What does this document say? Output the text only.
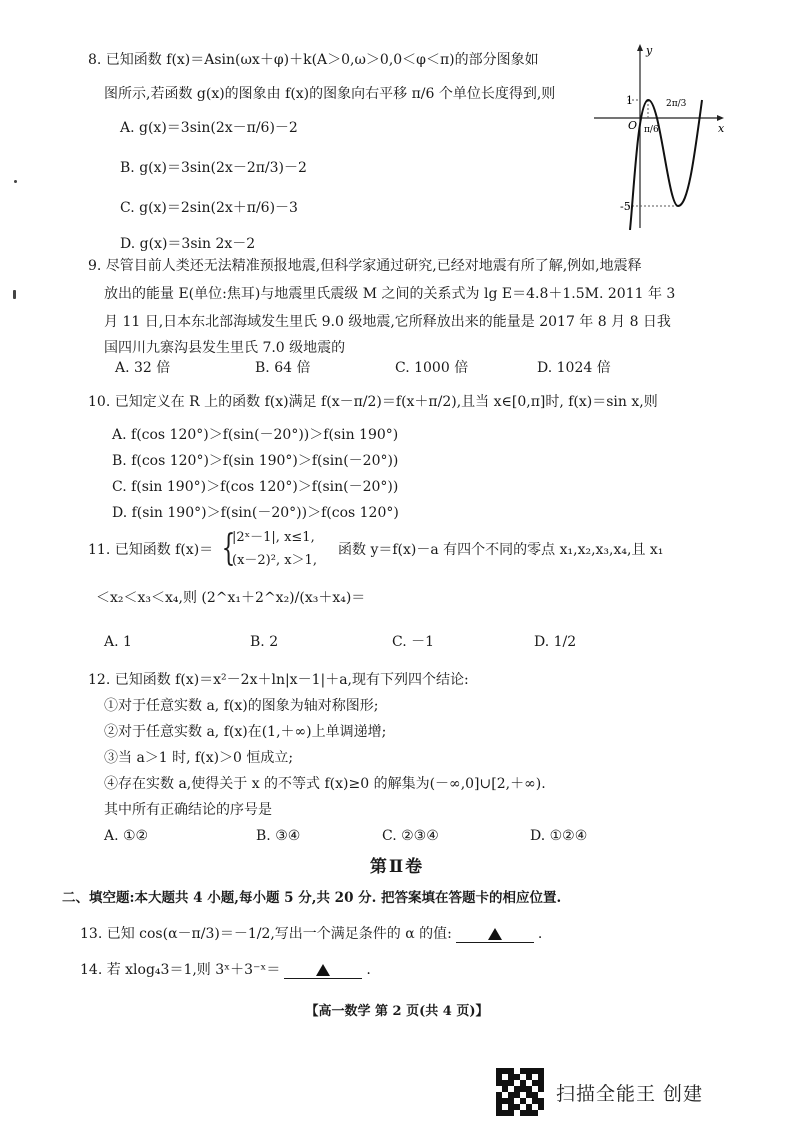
8. 已知函数 f(x)＝Asin(ωx＋φ)＋k(A＞0,ω＞0,0＜φ＜π)的部分图象如
图所示,若函数 g(x)的图象由 f(x)的图象向右平移 π/6 个单位长度得到,则
A. g(x)＝3sin(2x－π/6)－2
B. g(x)＝3sin(2x－2π/3)－2
C. g(x)＝2sin(2x＋π/6)－3
D. g(x)＝3sin 2x－2
y
x
O
1
-5
π/6
2π/3
9. 尽管目前人类还无法精准预报地震,但科学家通过研究,已经对地震有所了解,例如,地震释
放出的能量 E(单位:焦耳)与地震里氏震级 M 之间的关系式为 lg E＝4.8＋1.5M. 2011 年 3
月 11 日,日本东北部海域发生里氏 9.0 级地震,它所释放出来的能量是 2017 年 8 月 8 日我
国四川九寨沟县发生里氏 7.0 级地震的
A. 32 倍	B. 64 倍	C. 1000 倍	D. 1024 倍
10. 已知定义在 R 上的函数 f(x)满足 f(x－π/2)＝f(x＋π/2),且当 x∈[0,π]时, f(x)＝sin x,则
A. f(cos 120°)＞f(sin(－20°))＞f(sin 190°)
B. f(cos 120°)＞f(sin 190°)＞f(sin(－20°))
C. f(sin 190°)＞f(cos 120°)＞f(sin(－20°))
D. f(sin 190°)＞f(sin(－20°))＞f(cos 120°)
11. 已知函数 f(x)＝ {
|2ˣ－1|, x≤1,
(x－2)², x＞1,
函数 y＝f(x)－a 有四个不同的零点 x₁,x₂,x₃,x₄,且 x₁
＜x₂＜x₃＜x₄,则 (2^x₁＋2^x₂)/(x₃＋x₄)＝
A. 1	B. 2	C. －1	D. 1/2
12. 已知函数 f(x)＝x²－2x＋ln|x－1|＋a,现有下列四个结论:
①对于任意实数 a, f(x)的图象为轴对称图形;
②对于任意实数 a, f(x)在(1,＋∞)上单调递增;
③当 a＞1 时, f(x)＞0 恒成立;
④存在实数 a,使得关于 x 的不等式 f(x)≥0 的解集为(－∞,0]∪[2,＋∞).
其中所有正确结论的序号是
A. ①②	B. ③④	C. ②③④	D. ①②④
第Ⅱ卷
二、填空题:本大题共 4 小题,每小题 5 分,共 20 分. 把答案填在答题卡的相应位置.
13. 已知 cos(α－π/3)＝－1/2,写出一个满足条件的 α 的值:	.
14. 若 xlog₄3＝1,则 3ˣ＋3⁻ˣ＝	.
【高一数学 第 2 页(共 4 页)】
扫描全能王 创建
